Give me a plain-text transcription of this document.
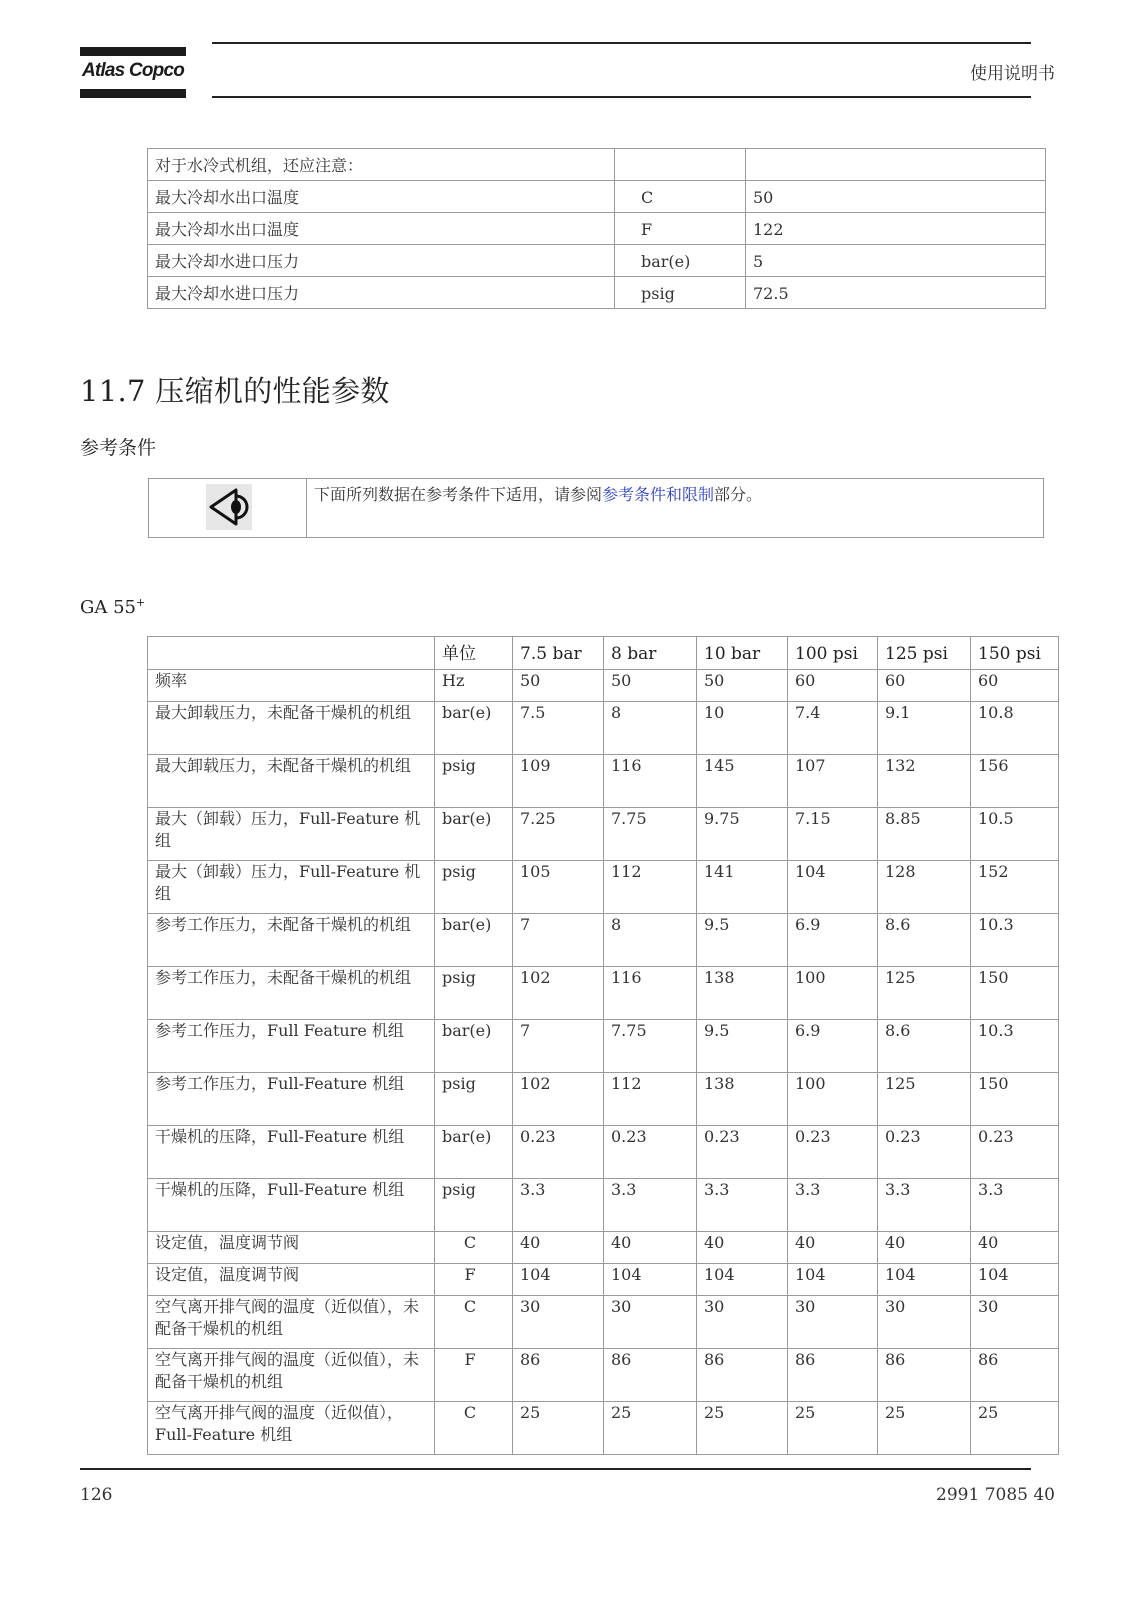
Atlas Copco	使用说明书
对于水冷式机组，还应注意：		
最大冷却水出口温度	C	50
最大冷却水出口温度	F	122
最大冷却水进口压力	bar(e)	5
最大冷却水进口压力	psig	72.5
11.7 压缩机的性能参数
参考条件
下面所列数据在参考条件下适用，请参阅参考条件和限制部分。
GA 55+
	单位	7.5 bar	8 bar	10 bar	100 psi	125 psi	150 psi
频率	Hz	50	50	50	60	60	60
最大卸载压力，未配备干燥机的机组	bar(e)	7.5	8	10	7.4	9.1	10.8
最大卸载压力，未配备干燥机的机组	psig	109	116	145	107	132	156
最大（卸载）压力，Full-Feature 机组	bar(e)	7.25	7.75	9.75	7.15	8.85	10.5
最大（卸载）压力，Full-Feature 机组	psig	105	112	141	104	128	152
参考工作压力，未配备干燥机的机组	bar(e)	7	8	9.5	6.9	8.6	10.3
参考工作压力，未配备干燥机的机组	psig	102	116	138	100	125	150
参考工作压力，Full Feature 机组	bar(e)	7	7.75	9.5	6.9	8.6	10.3
参考工作压力，Full-Feature 机组	psig	102	112	138	100	125	150
干燥机的压降，Full-Feature 机组	bar(e)	0.23	0.23	0.23	0.23	0.23	0.23
干燥机的压降，Full-Feature 机组	psig	3.3	3.3	3.3	3.3	3.3	3.3
设定值，温度调节阀	C	40	40	40	40	40	40
设定值，温度调节阀	F	104	104	104	104	104	104
空气离开排气阀的温度（近似值），未配备干燥机的机组	C	30	30	30	30	30	30
空气离开排气阀的温度（近似值），未配备干燥机的机组	F	86	86	86	86	86	86
空气离开排气阀的温度（近似值），Full-Feature 机组	C	25	25	25	25	25	25
126	2991 7085 40
